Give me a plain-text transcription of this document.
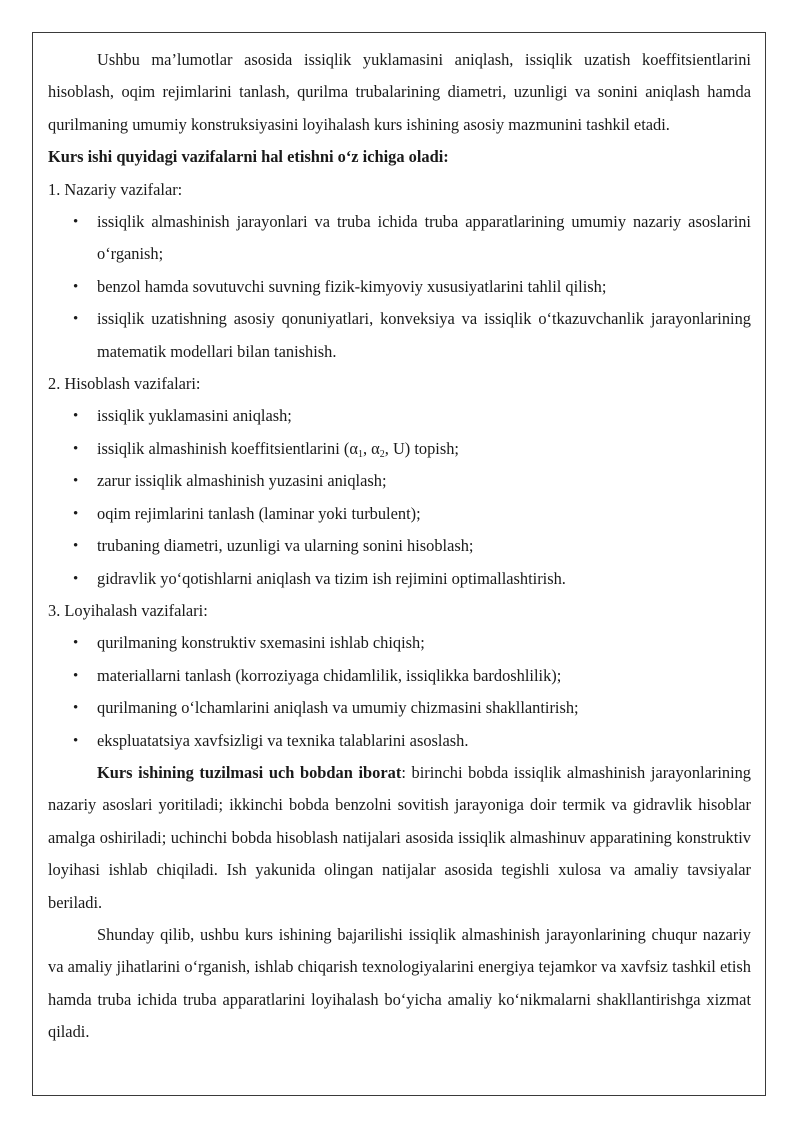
Ushbu ma’lumotlar asosida issiqlik yuklamasini aniqlash, issiqlik uzatish koeffitsientlarini hisoblash, oqim rejimlarini tanlash, qurilma trubalarining diametri, uzunligi va sonini aniqlash hamda qurilmaning umumiy konstruksiyasini loyihalash kurs ishining asosiy mazmunini tashkil etadi.

Kurs ishi quyidagi vazifalarni hal etishni o‘z ichiga oladi:

1. Nazariy vazifalar:

• issiqlik almashinish jarayonlari va truba ichida truba apparatlarining umumiy nazariy asoslarini o‘rganish;
• benzol hamda sovutuvchi suvning fizik-kimyoviy xususiyatlarini tahlil qilish;
• issiqlik uzatishning asosiy qonuniyatlari, konveksiya va issiqlik o‘tkazuvchanlik jarayonlarining matematik modellari bilan tanishish.

2. Hisoblash vazifalari:

• issiqlik yuklamasini aniqlash;
• issiqlik almashinish koeffitsientlarini ($\alpha_1$, $\alpha_2$, U) topish;
• zarur issiqlik almashinish yuzasini aniqlash;
• oqim rejimlarini tanlash (laminar yoki turbulent);
• trubaning diametri, uzunligi va ularning sonini hisoblash;
• gidravlik yo‘qotishlarni aniqlash va tizim ish rejimini optimallashtirish.

3. Loyihalash vazifalari:

• qurilmaning konstruktiv sxemasini ishlab chiqish;
• materiallarni tanlash (korroziyaga chidamlilik, issiqlikka bardoshlilik);
• qurilmaning o‘lchamlarini aniqlash va umumiy chizmasini shakllantirish;
• ekspluatatsiya xavfsizligi va texnika talablarini asoslash.

Kurs ishining tuzilmasi uch bobdan iborat: birinchi bobda issiqlik almashinish jarayonlarining nazariy asoslari yoritiladi; ikkinchi bobda benzolni sovitish jarayoniga doir termik va gidravlik hisoblar amalga oshiriladi; uchinchi bobda hisoblash natijalari asosida issiqlik almashinuv apparatining konstruktiv loyihasi ishlab chiqiladi. Ish yakunida olingan natijalar asosida tegishli xulosa va amaliy tavsiyalar beriladi.

Shunday qilib, ushbu kurs ishining bajarilishi issiqlik almashinish jarayonlarining chuqur nazariy va amaliy jihatlarini o‘rganish, ishlab chiqarish texnologiyalarini energiya tejamkor va xavfsiz tashkil etish hamda truba ichida truba apparatlarini loyihalash bo‘yicha amaliy ko‘nikmalarni shakllantirishga xizmat qiladi.
